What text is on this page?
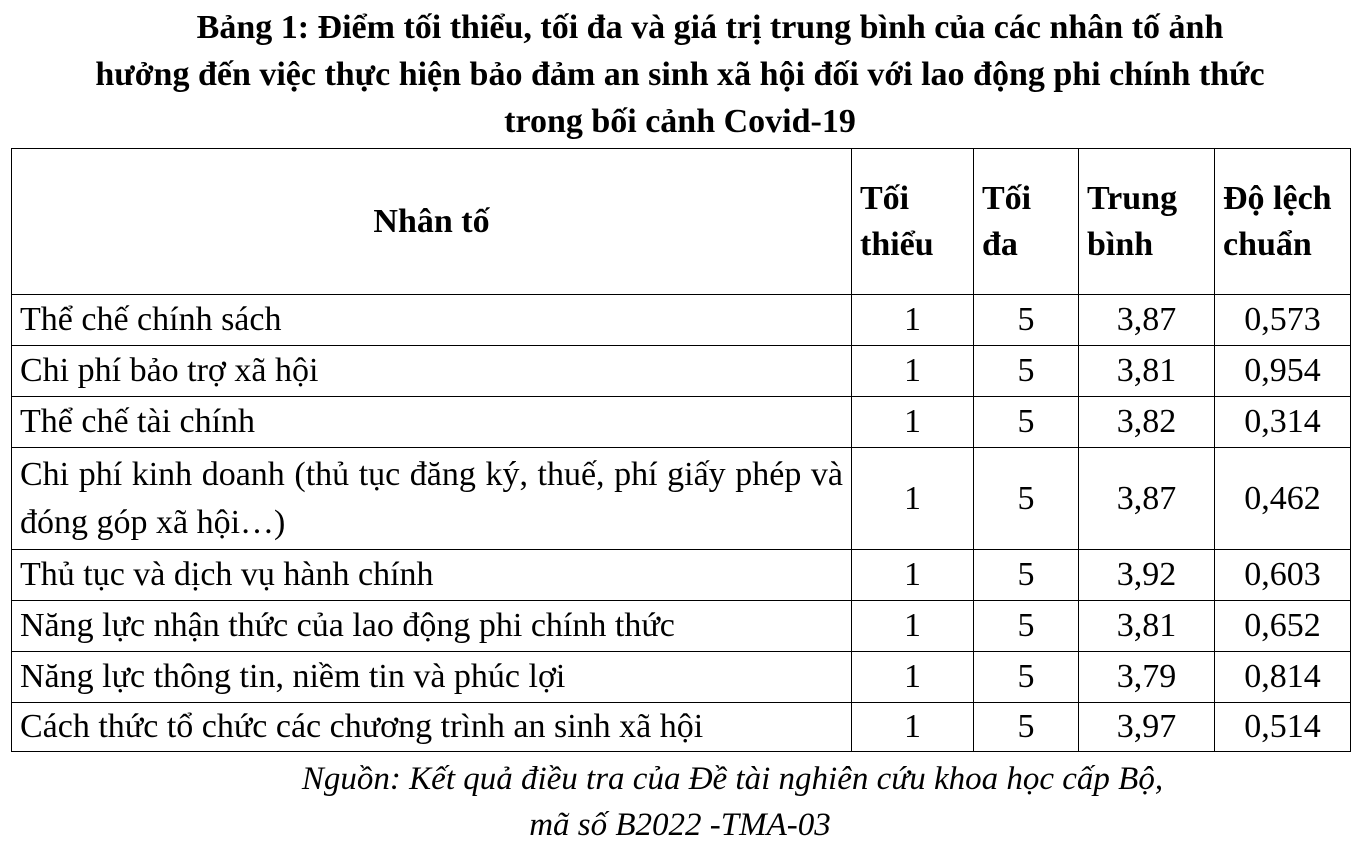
Bảng 1: Điểm tối thiểu, tối đa và giá trị trung bình của các nhân tố ảnh
hưởng đến việc thực hiện bảo đảm an sinh xã hội đối với lao động phi chính thức
trong bối cảnh Covid-19
Nhân tố	Tối thiểu	Tối đa	Trung bình	Độ lệch chuẩn
Thể chế chính sách	1	5	3,87	0,573
Chi phí bảo trợ xã hội	1	5	3,81	0,954
Thể chế tài chính	1	5	3,82	0,314
Chi phí kinh doanh (thủ tục đăng ký, thuế, phí giấy phép và đóng góp xã hội…)	1	5	3,87	0,462
Thủ tục và dịch vụ hành chính	1	5	3,92	0,603
Năng lực nhận thức của lao động phi chính thức	1	5	3,81	0,652
Năng lực thông tin, niềm tin và phúc lợi	1	5	3,79	0,814
Cách thức tổ chức các chương trình an sinh xã hội	1	5	3,97	0,514
Nguồn: Kết quả điều tra của Đề tài nghiên cứu khoa học cấp Bộ,
mã số B2022 -TMA-03
